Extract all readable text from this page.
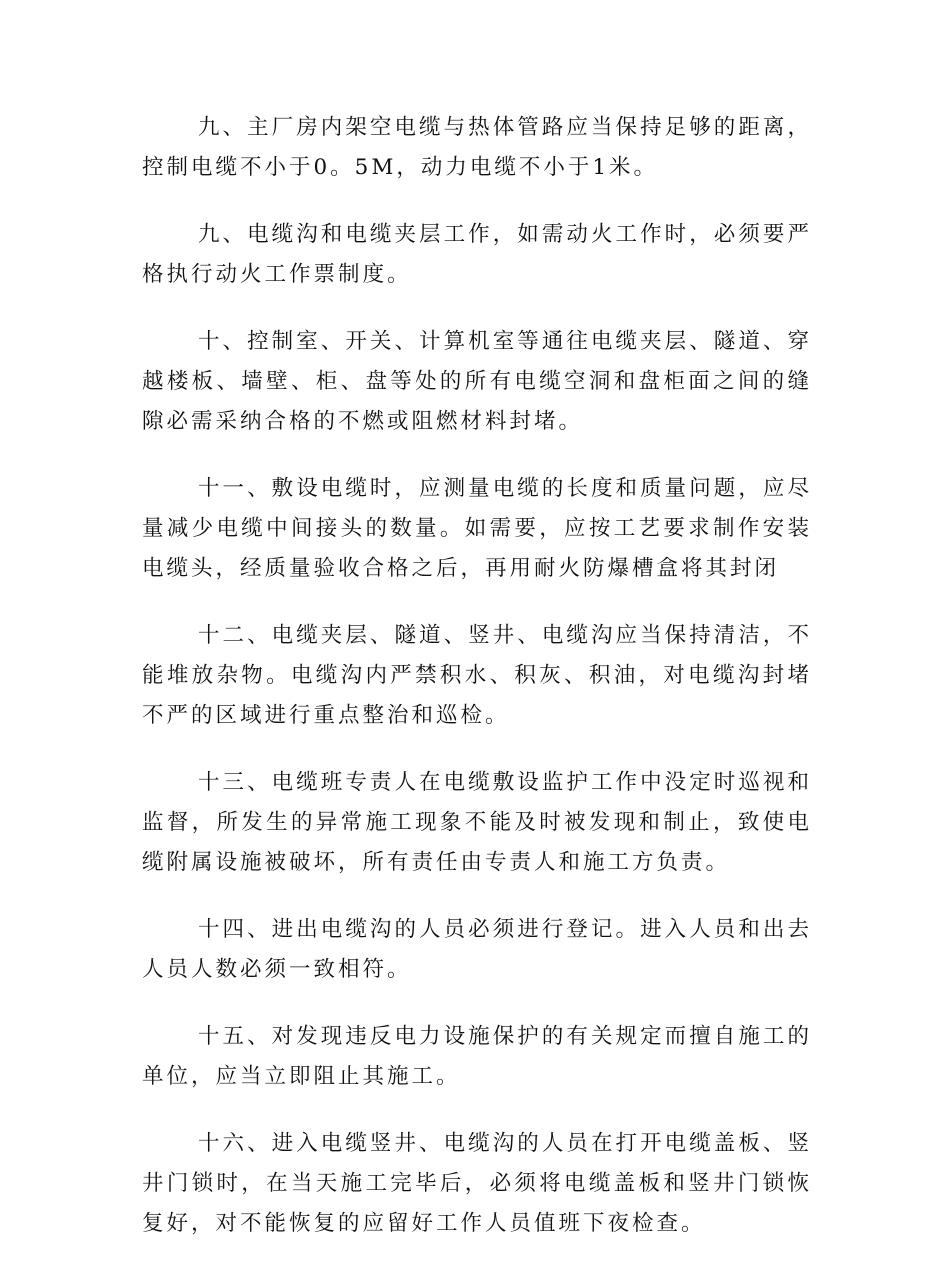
九、主厂房内架空电缆与热体管路应当保持足够的距离，控制电缆不小于0。5M，动力电缆不小于1米。

九、电缆沟和电缆夹层工作，如需动火工作时，必须要严格执行动火工作票制度。

十、控制室、开关、计算机室等通往电缆夹层、隧道、穿越楼板、墙壁、柜、盘等处的所有电缆空洞和盘柜面之间的缝隙必需采纳合格的不燃或阻燃材料封堵。

十一、敷设电缆时，应测量电缆的长度和质量问题，应尽量减少电缆中间接头的数量。如需要，应按工艺要求制作安装电缆头，经质量验收合格之后，再用耐火防爆槽盒将其封闭

十二、电缆夹层、隧道、竖井、电缆沟应当保持清洁，不能堆放杂物。电缆沟内严禁积水、积灰、积油，对电缆沟封堵不严的区域进行重点整治和巡检。

十三、电缆班专责人在电缆敷设监护工作中没定时巡视和监督，所发生的异常施工现象不能及时被发现和制止，致使电缆附属设施被破坏，所有责任由专责人和施工方负责。

十四、进出电缆沟的人员必须进行登记。进入人员和出去人员人数必须一致相符。

十五、对发现违反电力设施保护的有关规定而擅自施工的单位，应当立即阻止其施工。

十六、进入电缆竖井、电缆沟的人员在打开电缆盖板、竖井门锁时，在当天施工完毕后，必须将电缆盖板和竖井门锁恢复好，对不能恢复的应留好工作人员值班下夜检查。
